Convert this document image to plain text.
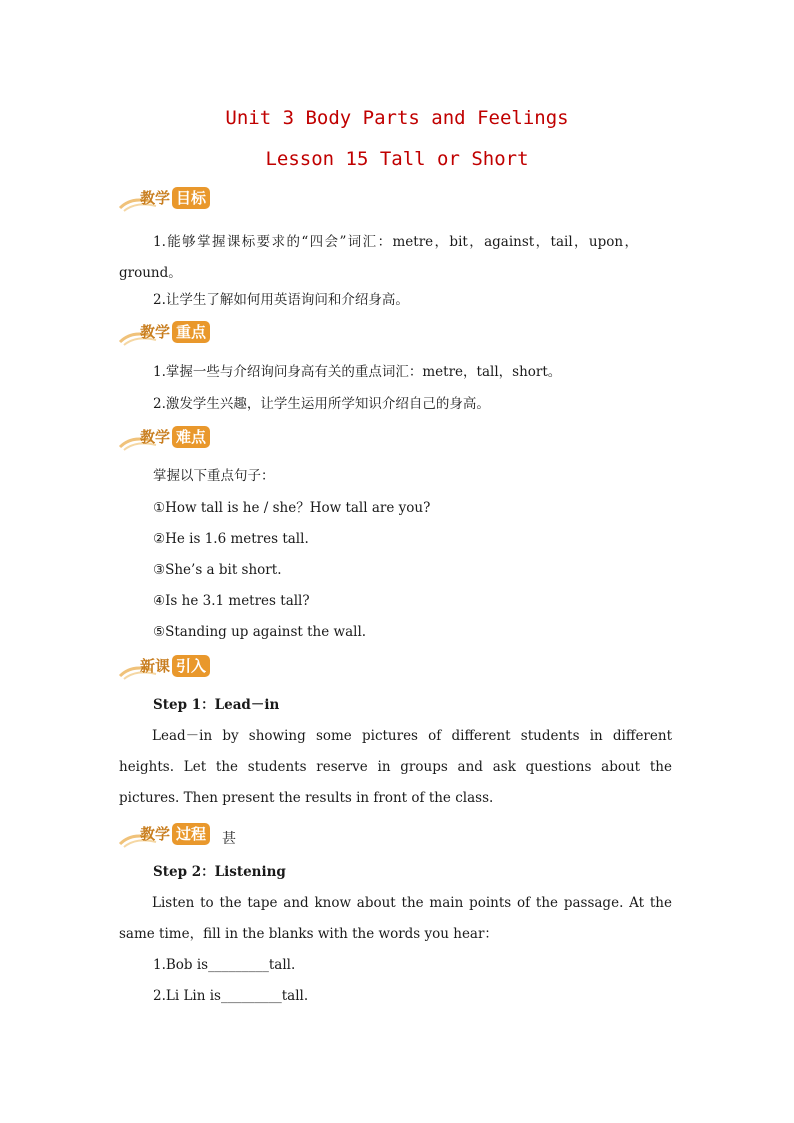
Unit 3 Body Parts and Feelings
Lesson 15 Tall or Short
教学 目标
1.能够掌握课标要求的“四会”词汇：metre，bit，against，tail，upon，ground。
2.让学生了解如何用英语询问和介绍身高。
教学 重点
1.掌握一些与介绍询问身高有关的重点词汇：metre，tall，short。
2.激发学生兴趣，让学生运用所学知识介绍自己的身高。
教学 难点
掌握以下重点句子：
①How tall is he / she？How tall are you?
②He is 1.6 metres tall.
③She’s a bit short.
④Is he 3.1 metres tall?
⑤Standing up against the wall.
新课 引入
Step 1：Lead－in
Lead－in by showing some pictures of different students in different heights. Let the students reserve in groups and ask questions about the pictures. Then present the results in front of the class.
教学 过程 甚
Step 2：Listening
Listen to the tape and know about the main points of the passage. At the same time，fill in the blanks with the words you hear：
1.Bob is_________tall.
2.Li Lin is_________tall.
